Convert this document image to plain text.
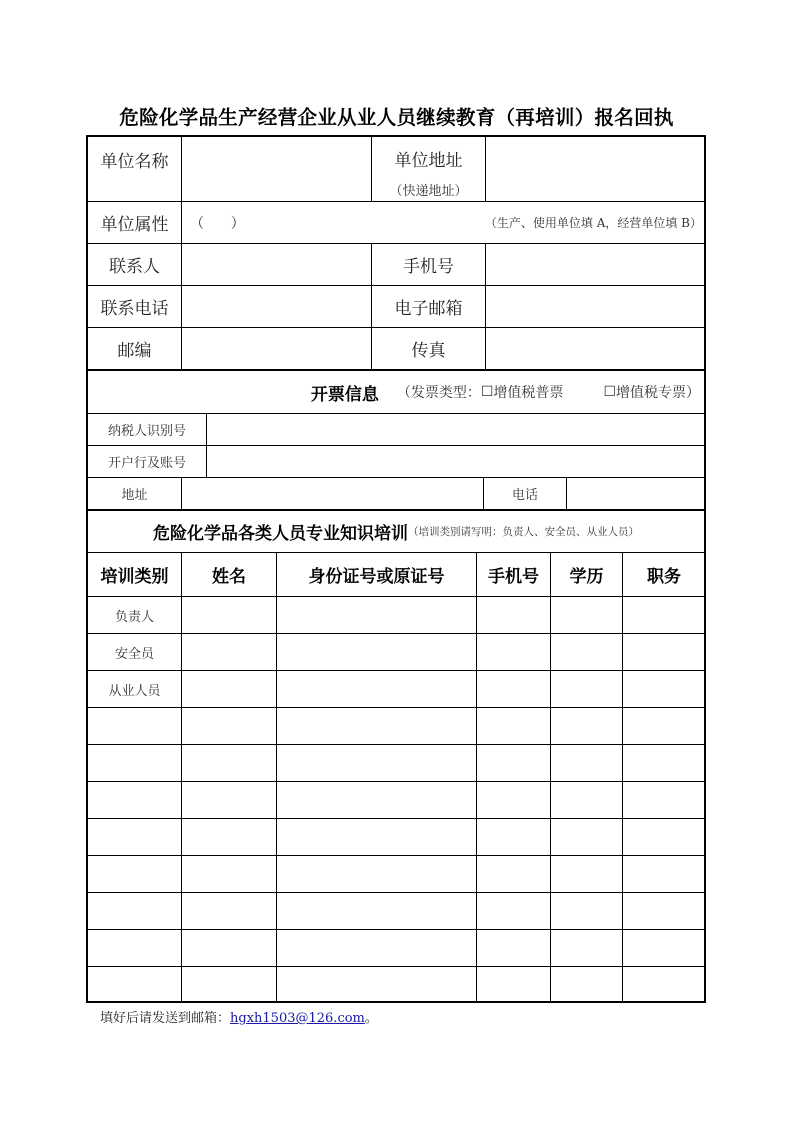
危险化学品生产经营企业从业人员继续教育（再培训）报名回执
单位名称	单位地址
（快递地址）
单位属性	（      ）	（生产、使用单位填 A，经营单位填 B）
联系人	手机号
联系电话	电子邮箱
邮编	传真
开票信息 （发票类型： ☐ 增值税普票	☐ 增值税专票 ）
纳税人识别号
开户行及账号
地址	电话
危险化学品各类人员专业知识培训 （培训类别请写明：负责人、安全员、从业人员）
培训类别	姓名	身份证号或原证号	手机号	学历	职务
负责人
安全员
从业人员
填好后请发送到邮箱：hgxh1503@126.com。
